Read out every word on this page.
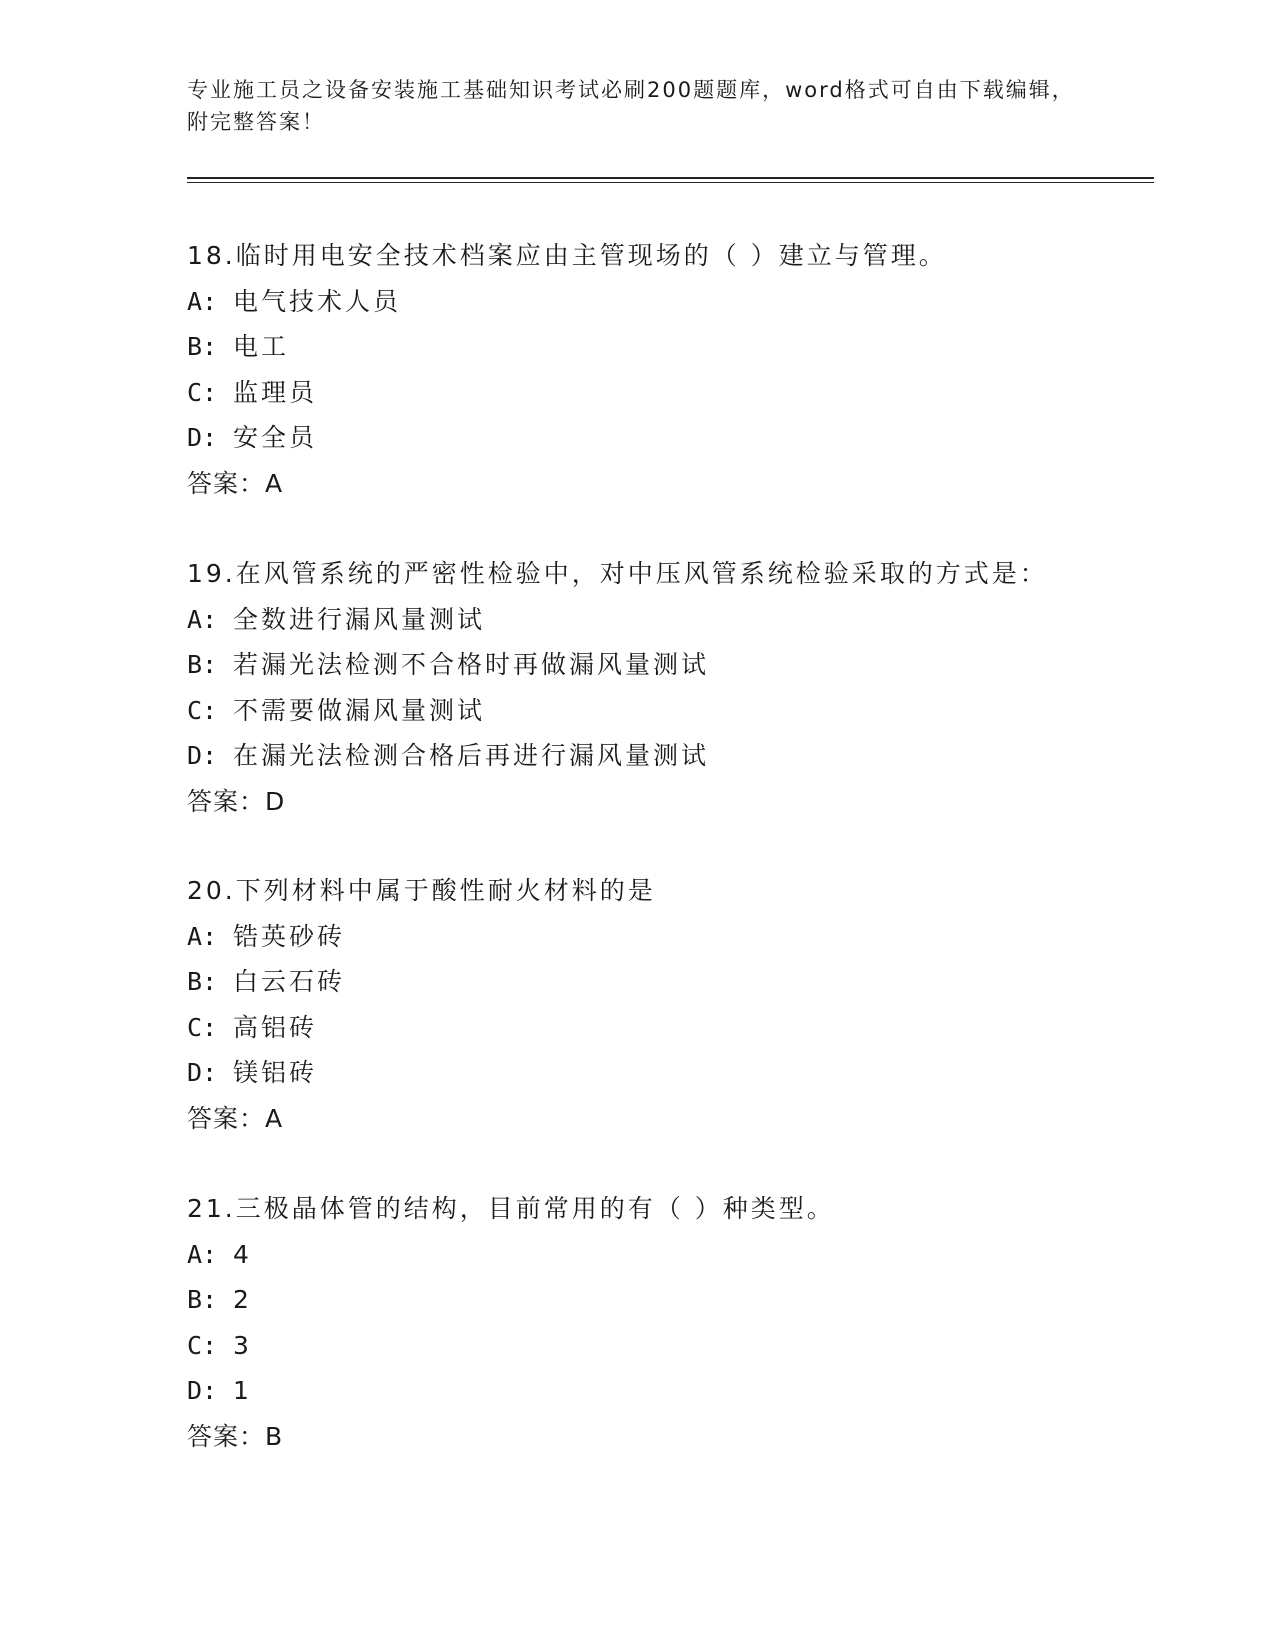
专业施工员之设备安装施工基础知识考试必刷200题题库，word格式可自由下载编辑，附完整答案！
18.临时用电安全技术档案应由主管现场的（ ）建立与管理。
A: 电气技术人员
B: 电工
C: 监理员
D: 安全员
答案：A
19.在风管系统的严密性检验中，对中压风管系统检验采取的方式是：
A: 全数进行漏风量测试
B: 若漏光法检测不合格时再做漏风量测试
C: 不需要做漏风量测试
D: 在漏光法检测合格后再进行漏风量测试
答案：D
20.下列材料中属于酸性耐火材料的是
A: 锆英砂砖
B: 白云石砖
C: 高铝砖
D: 镁铝砖
答案：A
21.三极晶体管的结构，目前常用的有（ ）种类型。
A: 4
B: 2
C: 3
D: 1
答案：B
